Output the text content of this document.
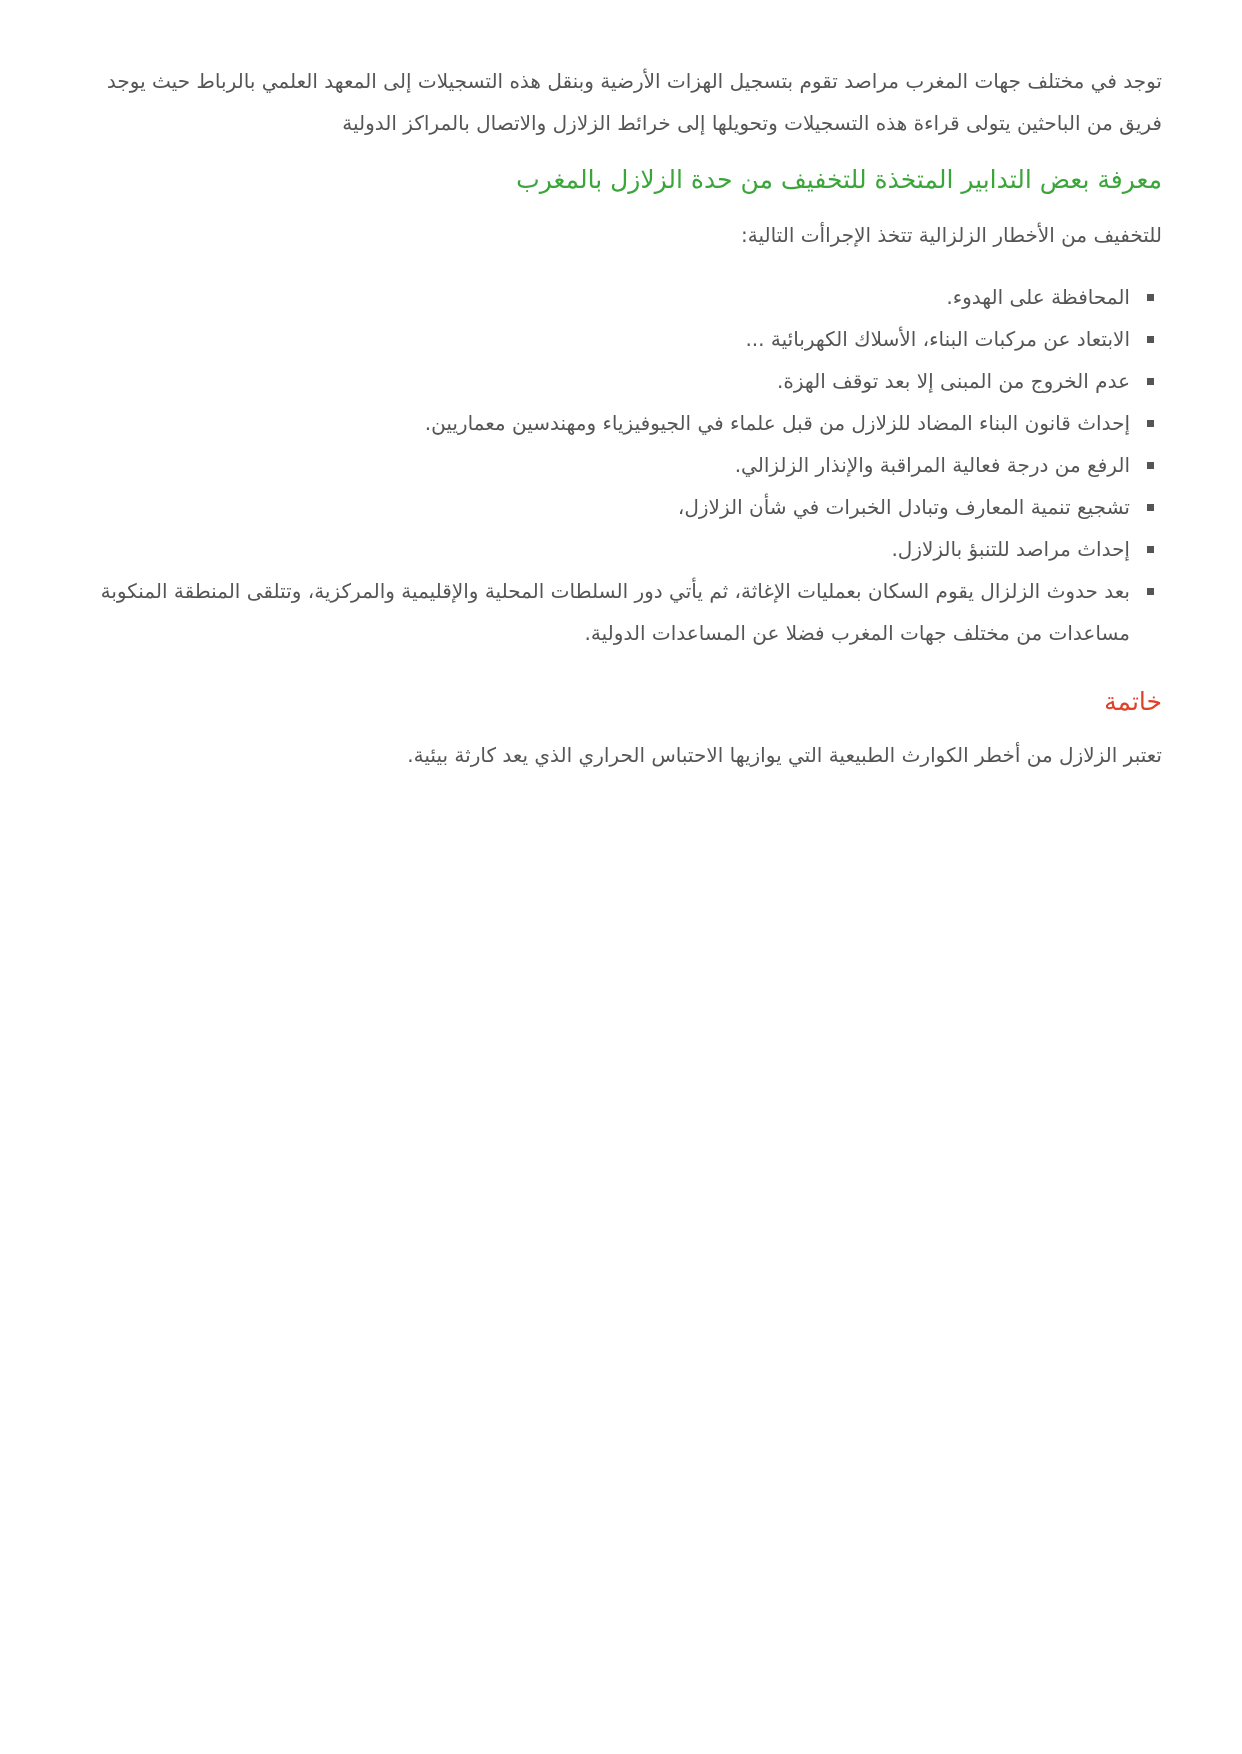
توجد في مختلف جهات المغرب مراصد تقوم بتسجيل الهزات الأرضية وبنقل هذه التسجيلات إلى المعهد العلمي بالرباط حيث يوجد فريق من الباحثين يتولى قراءة هذه التسجيلات وتحويلها إلى خرائط الزلازل والاتصال بالمراكز الدولية

معرفة بعض التدابير المتخذة للتخفيف من حدة الزلازل بالمغرب

للتخفيف من الأخطار الزلزالية تتخذ الإجراأت التالية:

المحافظة على الهدوء.
الابتعاد عن مركبات البناء، الأسلاك الكهربائية ...
عدم الخروج من المبنى إلا بعد توقف الهزة.
إحداث قانون البناء المضاد للزلازل من قبل علماء في الجيوفيزياء ومهندسين معماريين.
الرفع من درجة فعالية المراقبة والإنذار الزلزالي.
تشجيع تنمية المعارف وتبادل الخبرات في شأن الزلازل،
إحداث مراصد للتنبؤ بالزلازل.
بعد حدوث الزلزال يقوم السكان بعمليات الإغاثة، ثم يأتي دور السلطات المحلية والإقليمية والمركزية، وتتلقى المنطقة المنكوبة مساعدات من مختلف جهات المغرب فضلا عن المساعدات الدولية.
خاتمة

تعتبر الزلازل من أخطر الكوارث الطبيعية التي يوازيها الاحتباس الحراري الذي يعد كارثة بيئية.
